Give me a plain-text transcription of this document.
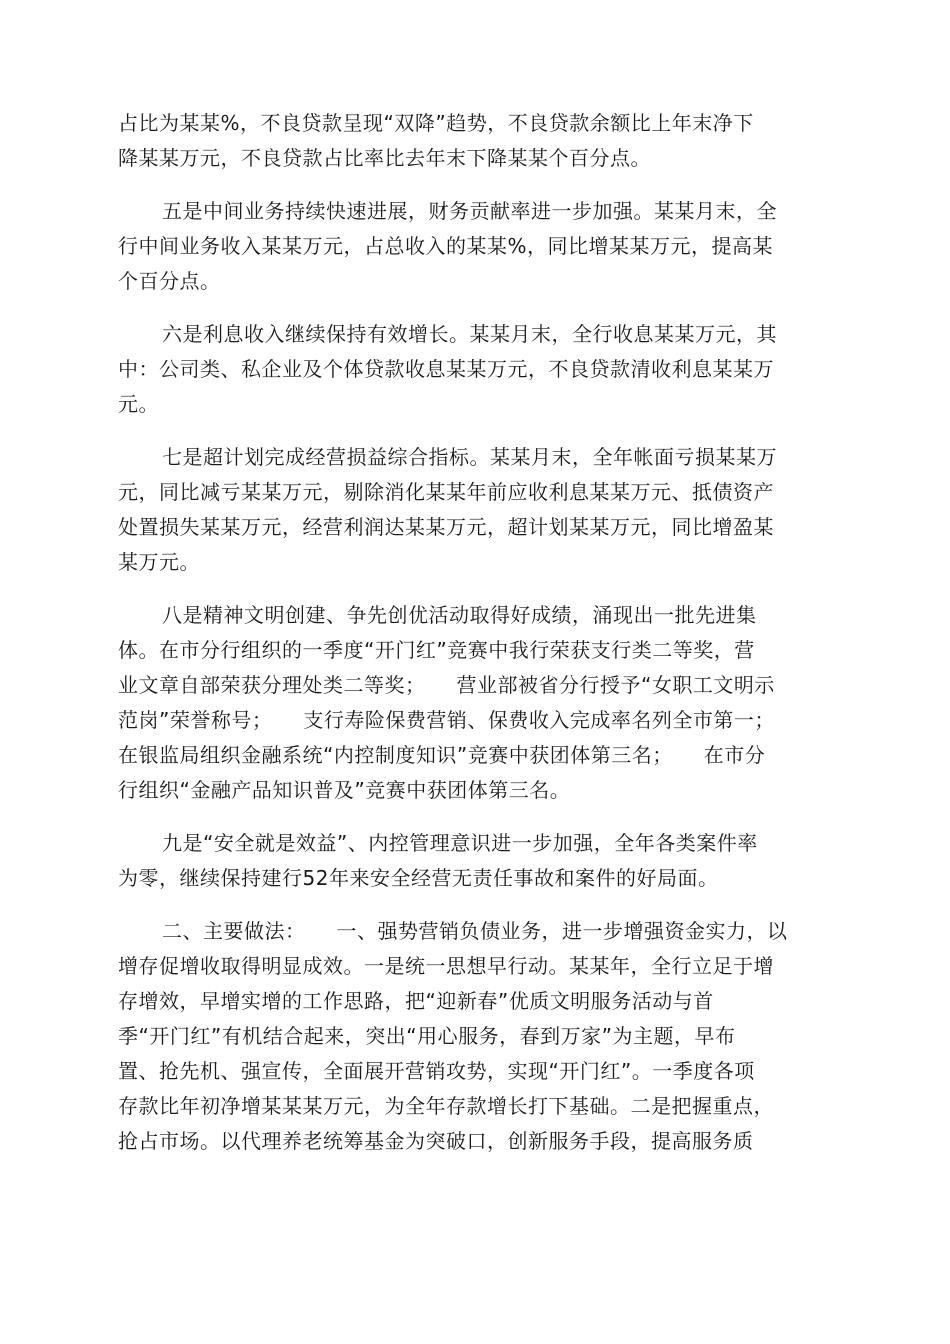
占比为某某%，不良贷款呈现“双降”趋势，不良贷款余额比上年末净下
降某某万元，不良贷款占比率比去年末下降某某个百分点。
五是中间业务持续快速进展，财务贡献率进一步加强。某某月末，全
行中间业务收入某某万元，占总收入的某某%，同比增某某万元，提高某
个百分点。
六是利息收入继续保持有效增长。某某月末，全行收息某某万元，其
中：公司类、私企业及个体贷款收息某某万元，不良贷款清收利息某某万
元。
七是超计划完成经营损益综合指标。某某月末，全年帐面亏损某某万
元，同比减亏某某万元，剔除消化某某年前应收利息某某万元、抵债资产
处置损失某某万元，经营利润达某某万元，超计划某某万元，同比增盈某
某万元。
八是精神文明创建、争先创优活动取得好成绩，涌现出一批先进集
体。在市分行组织的一季度“开门红”竞赛中我行荣获支行类二等奖，营
业文章自部荣获分理处类二等奖；　　营业部被省分行授予“女职工文明示
范岗”荣誉称号；　　支行寿险保费营销、保费收入完成率名列全市第一；
在银监局组织金融系统“内控制度知识”竞赛中获团体第三名；　　在市分
行组织“金融产品知识普及”竞赛中获团体第三名。
九是“安全就是效益”、内控管理意识进一步加强，全年各类案件率
为零，继续保持建行52年来安全经营无责任事故和案件的好局面。
二、主要做法：　　一、强势营销负债业务，进一步增强资金实力，以
增存促增收取得明显成效。一是统一思想早行动。某某年，全行立足于增
存增效，早增实增的工作思路，把“迎新春”优质文明服务活动与首
季“开门红”有机结合起来，突出“用心服务，春到万家”为主题，早布
置、抢先机、强宣传，全面展开营销攻势，实现“开门红”。一季度各项
存款比年初净增某某某万元，为全年存款增长打下基础。二是把握重点，
抢占市场。以代理养老统筹基金为突破口，创新服务手段，提高服务质
